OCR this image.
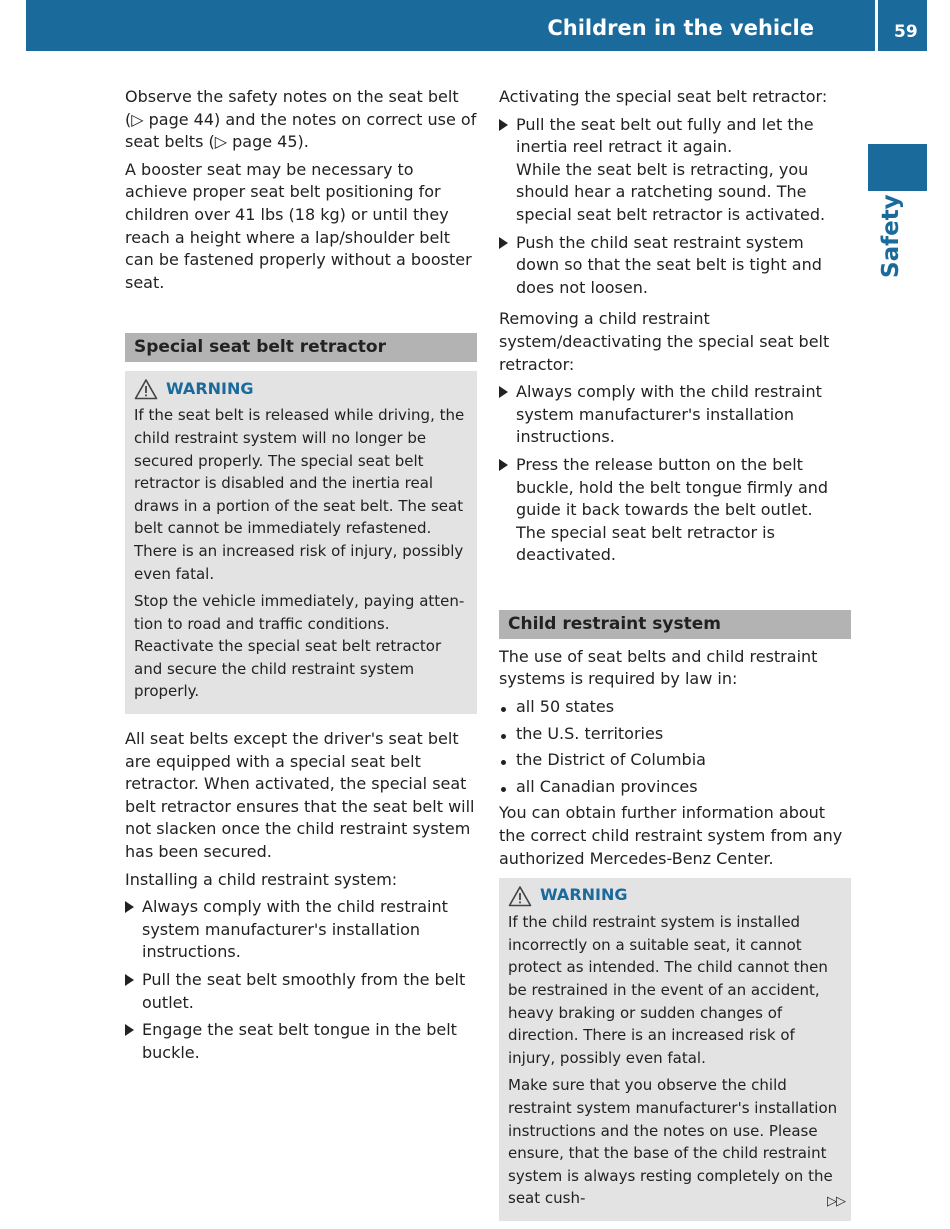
Children in the vehicle	59
Safety

Observe the safety notes on the seat belt (▷ page 44) and the notes on correct use of seat belts (▷ page 45).

A booster seat may be necessary to achieve proper seat belt positioning for children over 41 lbs (18 kg) or until they reach a height where a lap/shoulder belt can be fastened properly without a booster seat.

Special seat belt retractor
WARNING

If the seat belt is released while driving, the child restraint system will no longer be secured properly. The special seat belt retractor is disabled and the inertia real draws in a portion of the seat belt. The seat belt cannot be immediately refastened. There is an increased risk of injury, possibly even fatal.

Stop the vehicle immediately, paying attention to road and traffic conditions. Reactivate the special seat belt retractor and secure the child restraint system properly.

All seat belts except the driver's seat belt are equipped with a special seat belt retractor. When activated, the special seat belt retractor ensures that the seat belt will not slacken once the child restraint system has been secured.

Installing a child restraint system:

Always comply with the child restraint system manufacturer's installation instructions.
Pull the seat belt smoothly from the belt outlet.
Engage the seat belt tongue in the belt buckle.

Activating the special seat belt retractor:

Pull the seat belt out fully and let the inertia reel retract it again.
While the seat belt is retracting, you should hear a ratcheting sound. The special seat belt retractor is activated.
Push the child seat restraint system down so that the seat belt is tight and does not loosen.

Removing a child restraint system/deactivating the special seat belt retractor:

Always comply with the child restraint system manufacturer's installation instructions.
Press the release button on the belt buckle, hold the belt tongue firmly and guide it back towards the belt outlet.
The special seat belt retractor is deactivated.
Child restraint system

The use of seat belts and child restraint systems is required by law in:

all 50 states
the U.S. territories
the District of Columbia
all Canadian provinces

You can obtain further information about the correct child restraint system from any authorized Mercedes-Benz Center.

WARNING

If the child restraint system is installed incorrectly on a suitable seat, it cannot protect as intended. The child cannot then be restrained in the event of an accident, heavy braking or sudden changes of direction. There is an increased risk of injury, possibly even fatal.

Make sure that you observe the child restraint system manufacturer's installation instructions and the notes on use. Please ensure, that the base of the child restraint system is always resting completely on the seat cush-	▷▷
